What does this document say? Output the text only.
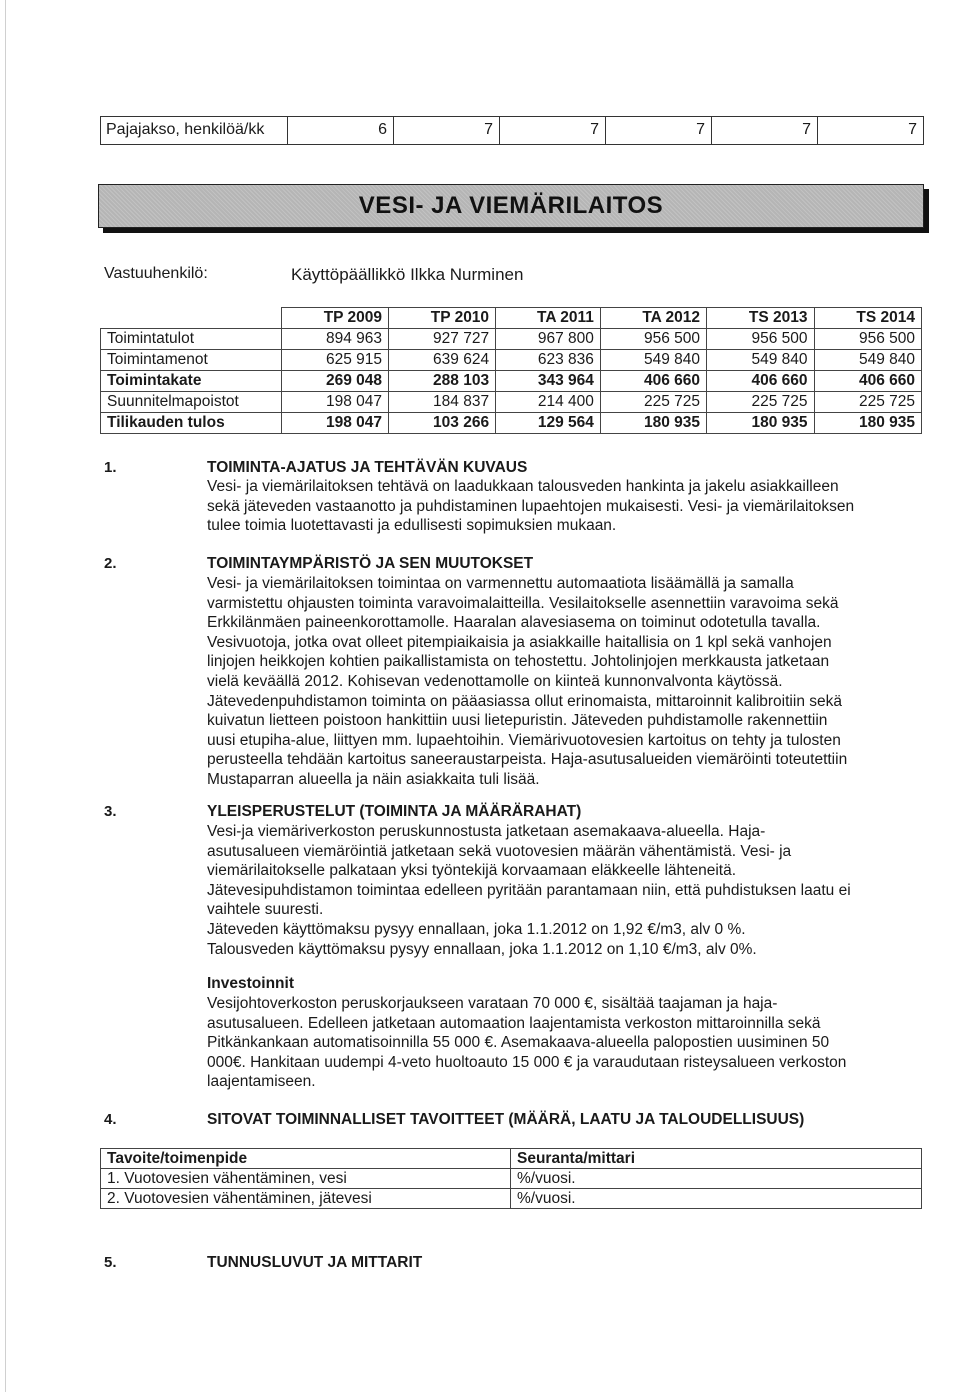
Pajajakso, henkilöä/kk	6	7	7	7	7	7
VESI- JA VIEMÄRILAITOS
Vastuuhenkilö:	Käyttöpäällikkö Ilkka Nurminen
	TP 2009	TP 2010	TA 2011	TA 2012	TS 2013	TS 2014
Toimintatulot	894 963	927 727	967 800	956 500	956 500	956 500
Toimintamenot	625 915	639 624	623 836	549 840	549 840	549 840
Toimintakate	269 048	288 103	343 964	406 660	406 660	406 660
Suunnitelmapoistot	198 047	184 837	214 400	225 725	225 725	225 725
Tilikauden tulos	198 047	103 266	129 564	180 935	180 935	180 935
1.	TOIMINTA-AJATUS JA TEHTÄVÄN KUVAUS

Vesi- ja viemärilaitoksen tehtävä on laadukkaan talousveden hankinta ja jakelu asiakkailleen

sekä jäteveden vastaanotto ja puhdistaminen lupaehtojen mukaisesti. Vesi- ja viemärilaitoksen

tulee toimia luotettavasti ja edullisesti sopimuksien mukaan.

2.	TOIMINTAYMPÄRISTÖ JA SEN MUUTOKSET

Vesi- ja viemärilaitoksen toimintaa on varmennettu automaatiota lisäämällä ja samalla

varmistettu ohjausten toiminta varavoimalaitteilla. Vesilaitokselle asennettiin varavoima sekä

Erkkilänmäen paineenkorottamolle. Haaralan alavesiasema on toiminut odotetulla tavalla.

Vesivuotoja, jotka ovat olleet pitempiaikaisia ja asiakkaille haitallisia on 1 kpl sekä vanhojen

linjojen heikkojen kohtien paikallistamista on tehostettu. Johtolinjojen merkkausta jatketaan

vielä keväällä 2012. Kohisevan vedenottamolle on kiinteä kunnonvalvonta käytössä.

Jätevedenpuhdistamon toiminta on pääasiassa ollut erinomaista, mittaroinnit kalibroitiin sekä

kuivatun lietteen poistoon hankittiin uusi lietepuristin. Jäteveden puhdistamolle rakennettiin

uusi etupiha-alue, liittyen mm. lupaehtoihin. Viemärivuotovesien kartoitus on tehty ja tulosten

perusteella tehdään kartoitus saneeraustarpeista. Haja-asutusalueiden viemäröinti toteutettiin

Mustaparran alueella ja näin asiakkaita tuli lisää.

3.	YLEISPERUSTELUT (TOIMINTA JA MÄÄRÄRAHAT)

Vesi-ja viemäriverkoston peruskunnostusta jatketaan asemakaava-alueella. Haja-

asutusalueen viemäröintiä jatketaan sekä vuotovesien määrän vähentämistä. Vesi- ja

viemärilaitokselle palkataan yksi työntekijä korvaamaan eläkkeelle lähteneitä.

Jätevesipuhdistamon toimintaa edelleen pyritään parantamaan niin, että puhdistuksen laatu ei

vaihtele suuresti.

Jäteveden käyttömaksu pysyy ennallaan, joka 1.1.2012 on 1,92 €/m3, alv 0 %.

Talousveden käyttömaksu pysyy ennallaan, joka 1.1.2012 on 1,10 €/m3, alv 0%.

Investoinnit

Vesijohtoverkoston peruskorjaukseen varataan 70 000 €, sisältää taajaman ja haja-

asutusalueen. Edelleen jatketaan automaation laajentamista verkoston mittaroinnilla sekä

Pitkänkankaan automatisoinnilla 55 000 €. Asemakaava-alueella palopostien uusiminen 50

000€. Hankitaan uudempi 4-veto huoltoauto 15 000 € ja varaudutaan risteysalueen verkoston

laajentamiseen.

4.	SITOVAT TOIMINNALLISET TAVOITTEET (MÄÄRÄ, LAATU JA TALOUDELLISUUS)
Tavoite/toimenpide	Seuranta/mittari
1. Vuotovesien vähentäminen, vesi	%/vuosi.
2. Vuotovesien vähentäminen, jätevesi	%/vuosi.
5.	TUNNUSLUVUT JA MITTARIT
